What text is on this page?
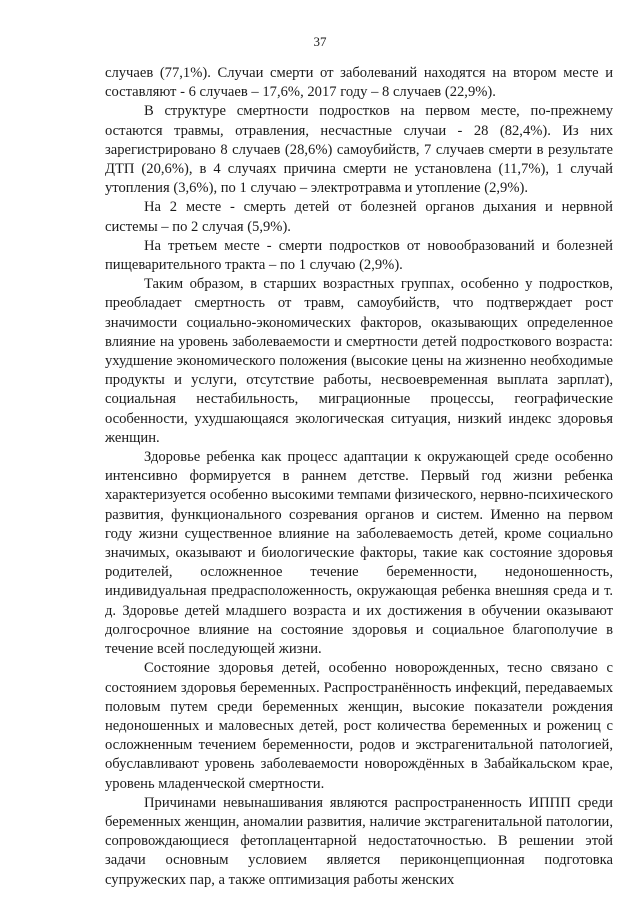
37

случаев (77,1%). Случаи смерти от заболеваний находятся на втором месте и составляют - 6 случаев – 17,6%, 2017 году – 8 случаев (22,9%).

В структуре смертности подростков на первом месте, по-прежнему остаются травмы, отравления, несчастные случаи - 28 (82,4%). Из них зарегистрировано 8 случаев (28,6%) самоубийств, 7 случаев смерти в результате ДТП (20,6%), в 4 случаях причина смерти не установлена (11,7%), 1 случай утопления (3,6%), по 1 случаю – электротравма и утопление (2,9%).

На 2 месте - смерть детей от болезней органов дыхания и нервной системы – по 2 случая (5,9%).

На третьем месте - смерти подростков от новообразований и болезней пищеварительного тракта – по 1 случаю (2,9%).

Таким образом, в старших возрастных группах, особенно у подростков, преобладает смертность от травм, самоубийств, что подтверждает рост значимости социально-экономических факторов, оказывающих определенное влияние на уровень заболеваемости и смертности детей подросткового возраста: ухудшение экономического положения (высокие цены на жизненно необходимые продукты и услуги, отсутствие работы, несвоевременная выплата зарплат), социальная нестабильность, миграционные процессы, географические особенности, ухудшающаяся экологическая ситуация, низкий индекс здоровья женщин.

Здоровье ребенка как процесс адаптации к окружающей среде особенно интенсивно формируется в раннем детстве. Первый год жизни ребенка характеризуется особенно высокими темпами физического, нервно-психического развития, функционального созревания органов и систем. Именно на первом году жизни существенное влияние на заболеваемость детей, кроме социально значимых, оказывают и биологические факторы, такие как состояние здоровья родителей, осложненное течение беременности, недоношенность, индивидуальная предрасположенность, окружающая ребенка внешняя среда и т. д. Здоровье детей младшего возраста и их достижения в обучении оказывают долгосрочное влияние на состояние здоровья и социальное благополучие в течение всей последующей жизни.

Состояние здоровья детей, особенно новорожденных, тесно связано с состоянием здоровья беременных. Распространённость инфекций, передаваемых половым путем среди беременных женщин, высокие показатели рождения недоношенных и маловесных детей, рост количества беременных и рожениц с осложненным течением беременности, родов и экстрагенитальной патологией, обуславливают уровень заболеваемости новорождённых в Забайкальском крае, уровень младенческой смертности.

Причинами невынашивания являются распространенность ИППП среди беременных женщин, аномалии развития, наличие экстрагенитальной патологии, сопровождающиеся фетоплацентарной недостаточностью. В решении этой задачи основным условием является периконцепционная подготовка супружеских пар, а также оптимизация работы женских
